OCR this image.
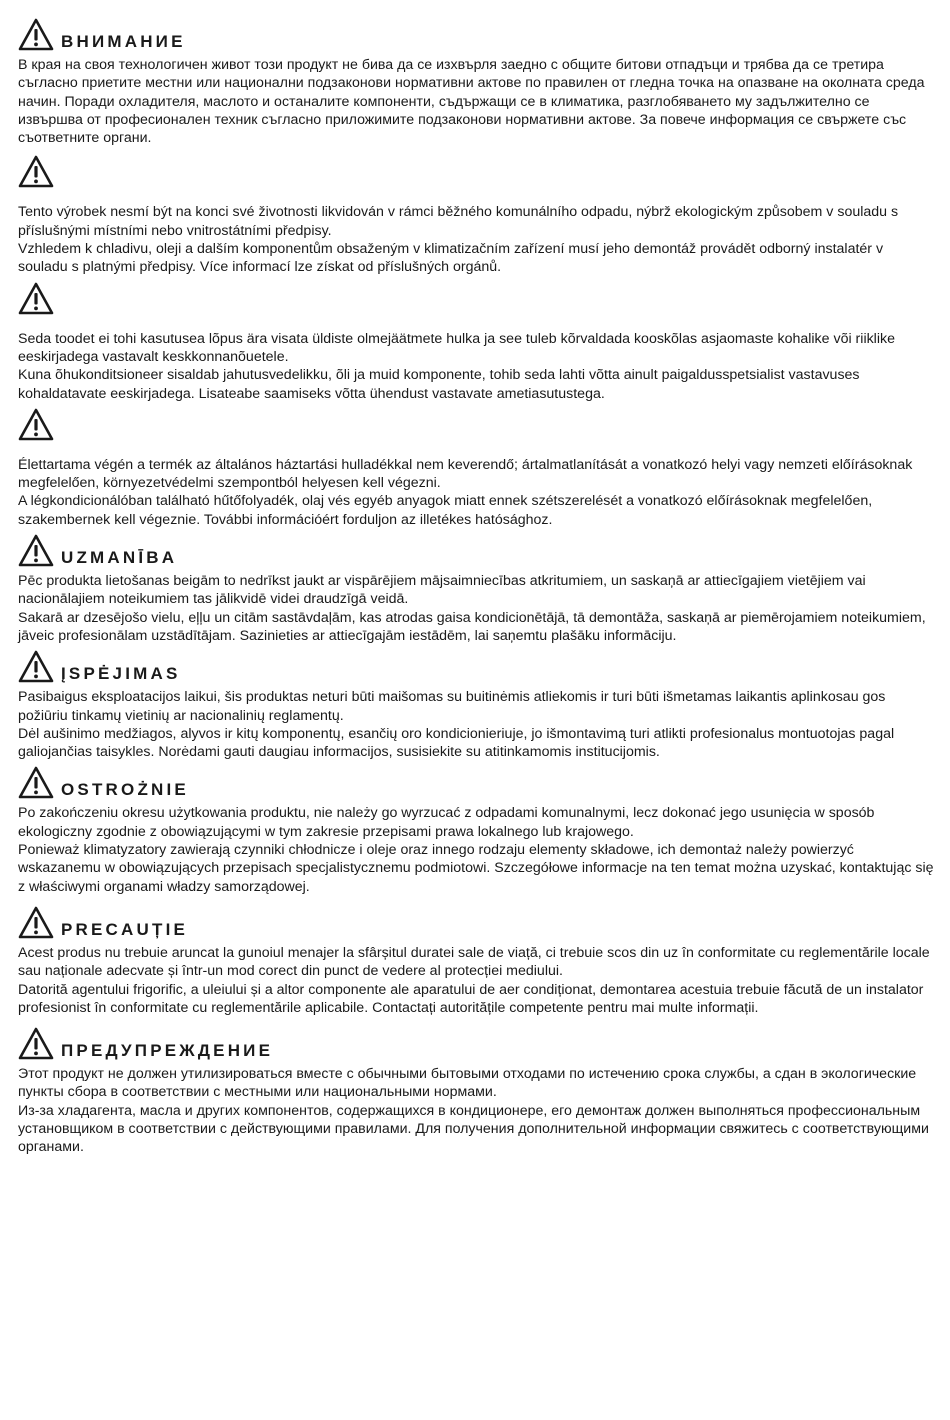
ВНИМАНИЕ

В края на своя технологичен живот този продукт не бива да се изхвърля заедно с общите битови отпадъци и трябва да се третира съгласно приетите местни или национални подзаконови нормативни актове по правилен от гледна точка на опазване на околната среда начин. Поради охладителя, маслото и останалите компоненти, съдържащи се в климатика, разглобяването му задължително се извършва от професионален техник съгласно приложимите подзаконови нормативни актове. За повече информация се свържете със съответните органи.

Tento výrobek nesmí být na konci své životnosti likvidován v rámci běžného komunálního odpadu, nýbrž ekologickým způsobem v souladu s příslušnými místními nebo vnitrostátními předpisy.

Vzhledem k chladivu, oleji a dalším komponentům obsaženým v klimatizačním zařízení musí jeho demontáž provádět odborný instalatér v souladu s platnými předpisy. Více informací lze získat od příslušných orgánů.

Seda toodet ei tohi kasutusea lõpus ära visata üldiste olmejäätmete hulka ja see tuleb kõrvaldada kooskõlas asjaomaste kohalike või riiklike eeskirjadega vastavalt keskkonnanõuetele.

Kuna õhukonditsioneer sisaldab jahutusvedelikku, õli ja muid komponente, tohib seda lahti võtta ainult paigaldusspetsialist vastavuses kohaldatavate eeskirjadega. Lisateabe saamiseks võtta ühendust vastavate ametiasutustega.

Élettartama végén a termék az általános háztartási hulladékkal nem keverendő; ártalmatlanítását a vonatkozó helyi vagy nemzeti előírásoknak megfelelően, környezetvédelmi szempontból helyesen kell végezni.

A légkondicionálóban található hűtőfolyadék, olaj vés egyéb anyagok miatt ennek szétszerelését a vonatkozó előírásoknak megfelelően, szakembernek kell végeznie. További információért forduljon az illetékes hatósághoz.

UZMANĪBA

Pēc produkta lietošanas beigām to nedrīkst jaukt ar vispārējiem mājsaimniecības atkritumiem, un saskaņā ar attiecīgajiem vietējiem vai nacionālajiem noteikumiem tas jālikvidē videi draudzīgā veidā.

Sakarā ar dzesējošo vielu, eļļu un citām sastāvdaļām, kas atrodas gaisa kondicionētājā, tā demontāža, saskaņā ar piemērojamiem noteikumiem, jāveic profesionālam uzstādītājam. Sazinieties ar attiecīgajām iestādēm, lai saņemtu plašāku informāciju.

ĮSPĖJIMAS

Pasibaigus eksploatacijos laikui, šis produktas neturi būti maišomas su buitinėmis atliekomis ir turi būti išmetamas laikantis aplinkosau gos požiūriu tinkamų vietinių ar nacionalinių reglamentų.

Dėl aušinimo medžiagos, alyvos ir kitų komponentų, esančių oro kondicionieriuje, jo išmontavimą turi atlikti profesionalus montuotojas pagal galiojančias taisykles. Norėdami gauti daugiau informacijos, susisiekite su atitinkamomis institucijomis.

OSTROŻNIE

Po zakończeniu okresu użytkowania produktu, nie należy go wyrzucać z odpadami komunalnymi, lecz dokonać jego usunięcia w sposób ekologiczny zgodnie z obowiązującymi w tym zakresie przepisami prawa lokalnego lub krajowego.

Ponieważ klimatyzatory zawierają czynniki chłodnicze i oleje oraz innego rodzaju elementy składowe, ich demontaż należy powierzyć wskazanemu w obowiązujących przepisach specjalistycznemu podmiotowi. Szczegółowe informacje na ten temat można uzyskać, kontaktując się z właściwymi organami władzy samorządowej.

PRECAUȚIE

Acest produs nu trebuie aruncat la gunoiul menajer la sfârșitul duratei sale de viață, ci trebuie scos din uz în conformitate cu reglementările locale sau naționale adecvate și într-un mod corect din punct de vedere al protecției mediului.

Datorită agentului frigorific, a uleiului și a altor componente ale aparatului de aer condiționat, demontarea acestuia trebuie făcută de un instalator profesionist în conformitate cu reglementările aplicabile. Contactați autoritățile competente pentru mai multe informații.

ПРЕДУПРЕЖДЕНИЕ

Этот продукт не должен утилизироваться вместе с обычными бытовыми отходами по истечению срока службы, а сдан в экологические пункты сбора в соответствии с местными или национальными нормами.

Из-за хладагента, масла и других компонентов, содержащихся в кондиционере, его демонтаж должен выполняться профессиональным установщиком в соответствии с действующими правилами. Для получения дополнительной информации свяжитесь с соответствующими органами.
